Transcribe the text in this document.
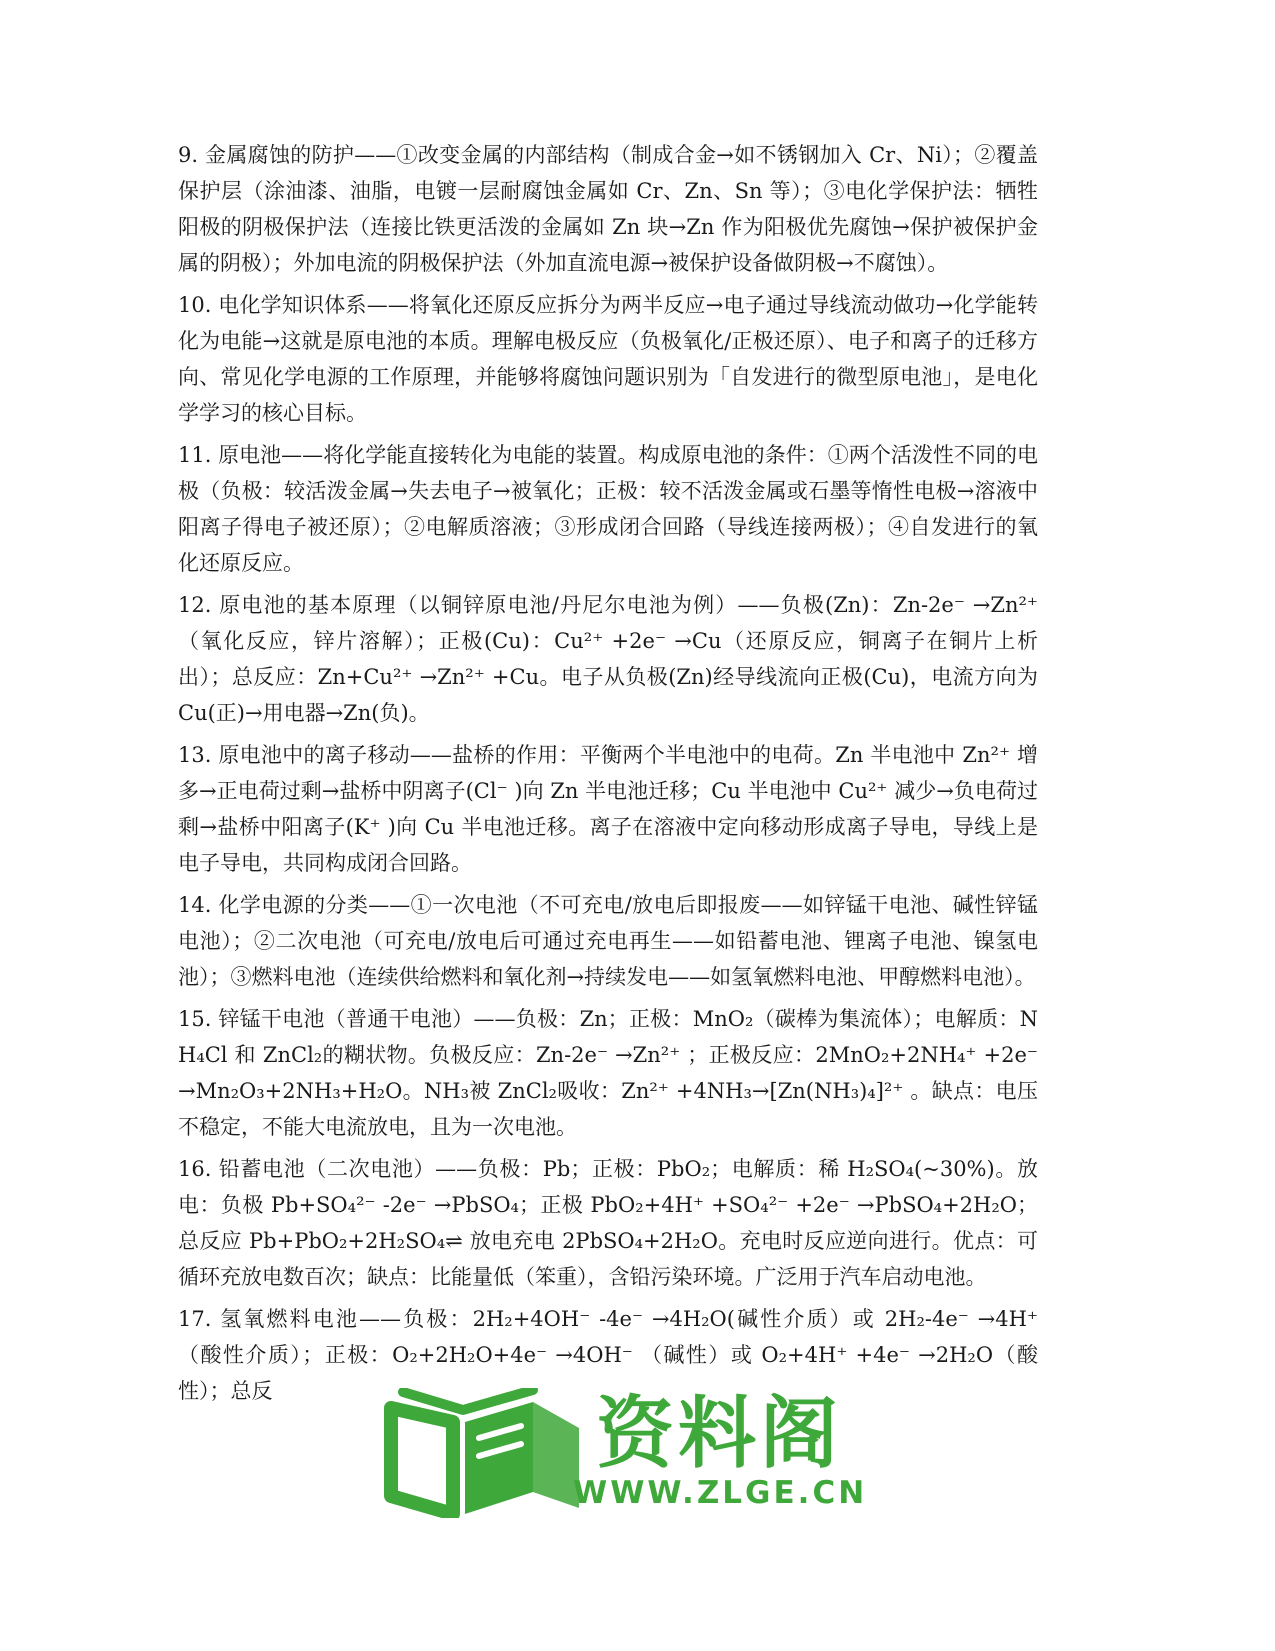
9. 金属腐蚀的防护——①改变金属的内部结构（制成合金→如不锈钢加入 Cr、Ni）；②覆盖保护层（涂油漆、油脂，电镀一层耐腐蚀金属如 Cr、Zn、Sn 等）；③电化学保护法：牺牲阳极的阴极保护法（连接比铁更活泼的金属如 Zn 块→Zn 作为阳极优先腐蚀→保护被保护金属的阴极）；外加电流的阴极保护法（外加直流电源→被保护设备做阴极→不腐蚀）。

10. 电化学知识体系——将氧化还原反应拆分为两半反应→电子通过导线流动做功→化学能转化为电能→这就是原电池的本质。理解电极反应（负极氧化/正极还原）、电子和离子的迁移方向、常见化学电源的工作原理，并能够将腐蚀问题识别为「自发进行的微型原电池」，是电化学学习的核心目标。

11. 原电池——将化学能直接转化为电能的装置。构成原电池的条件：①两个活泼性不同的电极（负极：较活泼金属→失去电子→被氧化；正极：较不活泼金属或石墨等惰性电极→溶液中阳离子得电子被还原）；②电解质溶液；③形成闭合回路（导线连接两极）；④自发进行的氧化还原反应。

12. 原电池的基本原理（以铜锌原电池/丹尼尔电池为例）——负极(Zn)：Zn-2e⁻ →Zn²⁺ （氧化反应，锌片溶解）；正极(Cu)：Cu²⁺ +2e⁻ →Cu（还原反应，铜离子在铜片上析出）；总反应：Zn+Cu²⁺ →Zn²⁺ +Cu。电子从负极(Zn)经导线流向正极(Cu)，电流方向为 Cu(正)→用电器→Zn(负)。

13. 原电池中的离子移动——盐桥的作用：平衡两个半电池中的电荷。Zn 半电池中 Zn²⁺ 增多→正电荷过剩→盐桥中阴离子(Cl⁻ )向 Zn 半电池迁移；Cu 半电池中 Cu²⁺ 减少→负电荷过剩→盐桥中阳离子(K⁺ )向 Cu 半电池迁移。离子在溶液中定向移动形成离子导电，导线上是电子导电，共同构成闭合回路。

14. 化学电源的分类——①一次电池（不可充电/放电后即报废——如锌锰干电池、碱性锌锰电池）；②二次电池（可充电/放电后可通过充电再生——如铅蓄电池、锂离子电池、镍氢电池）；③燃料电池（连续供给燃料和氧化剂→持续发电——如氢氧燃料电池、甲醇燃料电池）。

15. 锌锰干电池（普通干电池）——负极：Zn；正极：MnO₂（碳棒为集流体）；电解质：NH₄Cl 和 ZnCl₂的糊状物。负极反应：Zn-2e⁻ →Zn²⁺ ；正极反应：2MnO₂+2NH₄⁺ +2e⁻ →Mn₂O₃+2NH₃+H₂O。NH₃被 ZnCl₂吸收：Zn²⁺ +4NH₃→[Zn(NH₃)₄]²⁺ 。缺点：电压不稳定，不能大电流放电，且为一次电池。

16. 铅蓄电池（二次电池）——负极：Pb；正极：PbO₂；电解质：稀 H₂SO₄(~30%)。放电：负极 Pb+SO₄²⁻ -2e⁻ →PbSO₄；正极 PbO₂+4H⁺ +SO₄²⁻ +2e⁻ →PbSO₄+2H₂O；总反应 Pb+PbO₂+2H₂SO₄⇌ 放电充电 2PbSO₄+2H₂O。充电时反应逆向进行。优点：可循环充放电数百次；缺点：比能量低（笨重），含铅污染环境。广泛用于汽车启动电池。

17. 氢氧燃料电池——负极：2H₂+4OH⁻ -4e⁻ →4H₂O(碱性介质）或 2H₂-4e⁻ →4H⁺ （酸性介质）；正极：O₂+2H₂O+4e⁻ →4OH⁻ （碱性）或 O₂+4H⁺ +4e⁻ →2H₂O（酸性）；总反	资料阁
WWW.ZLGE.CN
